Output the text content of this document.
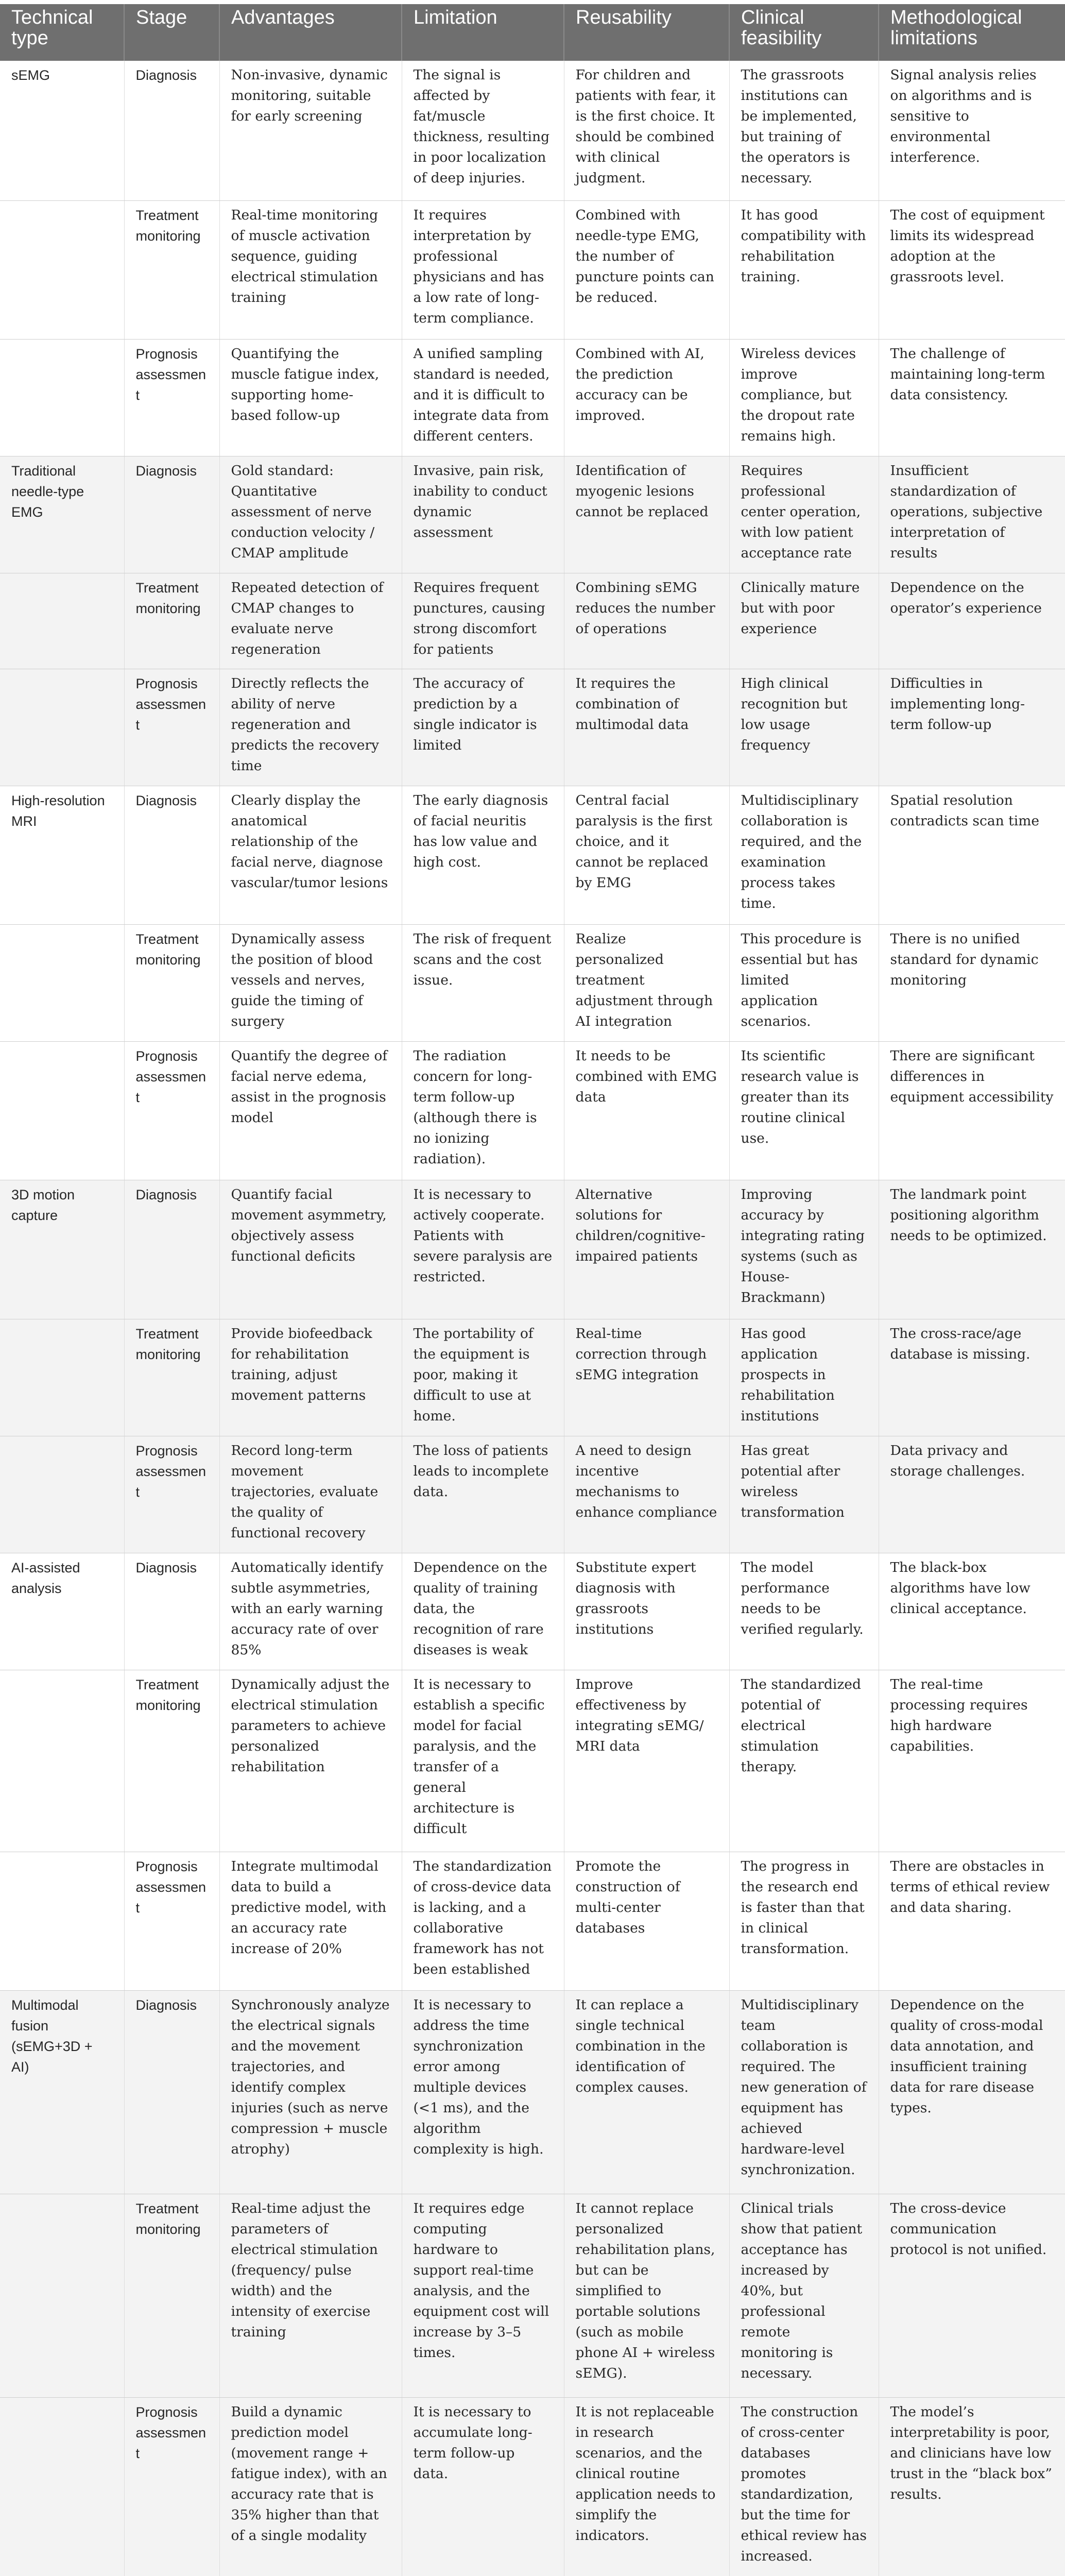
Technical type	Stage	Advantages	Limitation	Reusability	Clinical feasibility	Methodological limitations
sEMG	Diagnosis	Non-invasive, dynamic monitoring, suitable for early screening	The signal is affected by fat/muscle thickness, resulting in poor localization of deep injuries.	For children and patients with fear, it is the first choice. It should be combined with clinical judgment.	The grassroots institutions can be implemented, but training of the operators is necessary.	Signal analysis relies on algorithms and is sensitive to environmental interference.
	Treatment monitoring	Real-time monitoring of muscle activation sequence, guiding electrical stimulation training	It requires interpretation by professional physicians and has a low rate of long-term compliance.	Combined with needle-type EMG, the number of puncture points can be reduced.	It has good compatibility with rehabilitation training.	The cost of equipment limits its widespread adoption at the grassroots level.
	Prognosis assessment	Quantifying the muscle fatigue index, supporting home-based follow-up	A unified sampling standard is needed, and it is difficult to integrate data from different centers.	Combined with AI, the prediction accuracy can be improved.	Wireless devices improve compliance, but the dropout rate remains high.	The challenge of maintaining long-term data consistency.
Traditional needle-type EMG	Diagnosis	Gold standard: Quantitative assessment of nerve conduction velocity / CMAP amplitude	Invasive, pain risk, inability to conduct dynamic assessment	Identification of myogenic lesions cannot be replaced	Requires professional center operation, with low patient acceptance rate	Insufficient standardization of operations, subjective interpretation of results
	Treatment monitoring	Repeated detection of CMAP changes to evaluate nerve regeneration	Requires frequent punctures, causing strong discomfort for patients	Combining sEMG reduces the number of operations	Clinically mature but with poor experience	Dependence on the operator’s experience
	Prognosis assessment	Directly reflects the ability of nerve regeneration and predicts the recovery time	The accuracy of prediction by a single indicator is limited	It requires the combination of multimodal data	High clinical recognition but low usage frequency	Difficulties in implementing long-term follow-up
High-resolution MRI	Diagnosis	Clearly display the anatomical relationship of the facial nerve, diagnose vascular/tumor lesions	The early diagnosis of facial neuritis has low value and high cost.	Central facial paralysis is the first choice, and it cannot be replaced by EMG	Multidisciplinary collaboration is required, and the examination process takes time.	Spatial resolution contradicts scan time
	Treatment monitoring	Dynamically assess the position of blood vessels and nerves, guide the timing of surgery	The risk of frequent scans and the cost issue.	Realize personalized treatment adjustment through AI integration	This procedure is essential but has limited application scenarios.	There is no unified standard for dynamic monitoring
	Prognosis assessment	Quantify the degree of facial nerve edema, assist in the prognosis model	The radiation concern for long-term follow-up (although there is no ionizing radiation).	It needs to be combined with EMG data	Its scientific research value is greater than its routine clinical use.	There are significant differences in equipment accessibility
3D motion capture	Diagnosis	Quantify facial movement asymmetry, objectively assess functional deficits	It is necessary to actively cooperate. Patients with severe paralysis are restricted.	Alternative solutions for children/cognitive-impaired patients	Improving accuracy by integrating rating systems (such as House-Brackmann)	The landmark point positioning algorithm needs to be optimized.
	Treatment monitoring	Provide biofeedback for rehabilitation training, adjust movement patterns	The portability of the equipment is poor, making it difficult to use at home.	Real-time correction through sEMG integration	Has good application prospects in rehabilitation institutions	The cross-race/age database is missing.
	Prognosis assessment	Record long-term movement trajectories, evaluate the quality of functional recovery	The loss of patients leads to incomplete data.	A need to design incentive mechanisms to enhance compliance	Has great potential after wireless transformation	Data privacy and storage challenges.
AI-assisted analysis	Diagnosis	Automatically identify subtle asymmetries, with an early warning accuracy rate of over 85%	Dependence on the quality of training data, the recognition of rare diseases is weak	Substitute expert diagnosis with grassroots institutions	The model performance needs to be verified regularly.	The black-box algorithms have low clinical acceptance.
	Treatment monitoring	Dynamically adjust the electrical stimulation parameters to achieve personalized rehabilitation	It is necessary to establish a specific model for facial paralysis, and the transfer of a general architecture is difficult	Improve effectiveness by integrating sEMG/ MRI data	The standardized potential of electrical stimulation therapy.	The real-time processing requires high hardware capabilities.
	Prognosis assessment	Integrate multimodal data to build a predictive model, with an accuracy rate increase of 20%	The standardization of cross-device data is lacking, and a collaborative framework has not been established	Promote the construction of multi-center databases	The progress in the research end is faster than that in clinical transformation.	There are obstacles in terms of ethical review and data sharing.
Multimodal fusion (sEMG+3D + AI)	Diagnosis	Synchronously analyze the electrical signals and the movement trajectories, and identify complex injuries (such as nerve compression + muscle atrophy)	It is necessary to address the time synchronization error among multiple devices (<1 ms), and the algorithm complexity is high.	It can replace a single technical combination in the identification of complex causes.	Multidisciplinary team collaboration is required. The new generation of equipment has achieved hardware-level synchronization.	Dependence on the quality of cross-modal data annotation, and insufficient training data for rare disease types.
	Treatment monitoring	Real-time adjust the parameters of electrical stimulation (frequency/ pulse width) and the intensity of exercise training	It requires edge computing hardware to support real-time analysis, and the equipment cost will increase by 3–5 times.	It cannot replace personalized rehabilitation plans, but can be simplified to portable solutions (such as mobile phone AI + wireless sEMG).	Clinical trials show that patient acceptance has increased by 40%, but professional remote monitoring is necessary.	The cross-device communication protocol is not unified.
	Prognosis assessment	Build a dynamic prediction model (movement range + fatigue index), with an accuracy rate that is 35% higher than that of a single modality	It is necessary to accumulate long-term follow-up data.	It is not replaceable in research scenarios, and the clinical routine application needs to simplify the indicators.	The construction of cross-center databases promotes standardization, but the time for ethical review has increased.	The model’s interpretability is poor, and clinicians have low trust in the “black box” results.
